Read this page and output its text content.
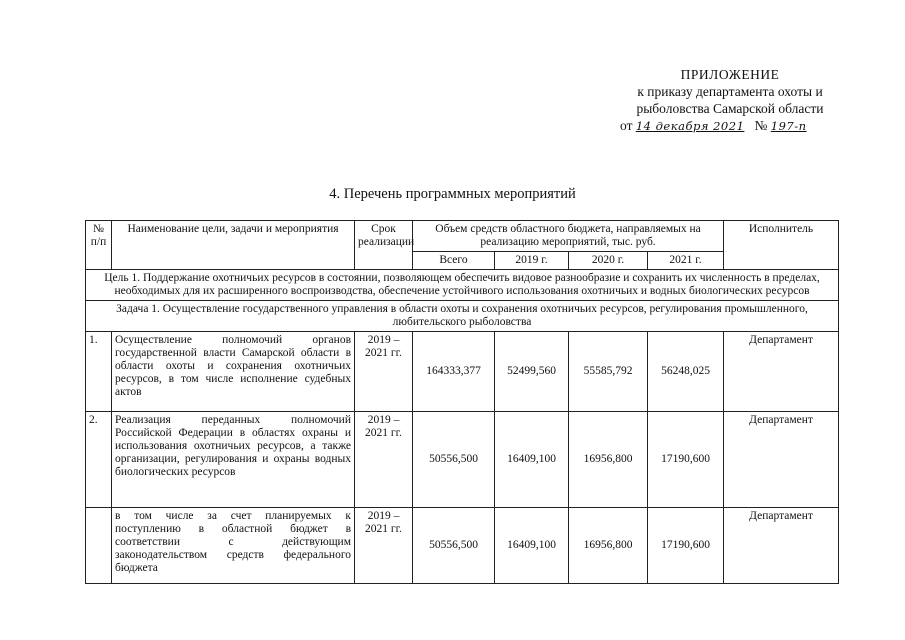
ПРИЛОЖЕНИЕ
к приказу департамента охоты и
рыболовства Самарской области
от 14 декабря 2021 № 197-п
4. Перечень программных мероприятий
№ п/п	Наименование цели, задачи и мероприятия	Срок реализации	Объем средств областного бюджета, направляемых на реализацию мероприятий, тыс. руб.				Исполнитель
			Всего	2019 г.	2020 г.	2021 г.	
Цель 1. Поддержание охотничьих ресурсов в состоянии, позволяющем обеспечить видовое разнообразие и сохранить их численность в пределах, необходимых для их расширенного воспроизводства, обеспечение устойчивого использования охотничьих и водных биологических ресурсов							
Задача 1. Осуществление государственного управления в области охоты и сохранения охотничьих ресурсов, регулирования промышленного, любительского рыболовства							
1.	Осуществление полномочий органов государственной власти Самарской области в области охоты и сохранения охотничьих ресурсов, в том числе исполнение судебных актов	2019 – 2021 гг.	164333,377	52499,560	55585,792	56248,025	Департамент
2.	Реализация переданных полномочий Российской Федерации в областях охраны и использования охотничьих ресурсов, а также организации, регулирования и охраны водных биологических ресурсов	2019 – 2021 гг.	50556,500	16409,100	16956,800	17190,600	Департамент
	в том числе за счет планируемых к поступлению в областной бюджет в соответствии с действующим законодательством средств федерального бюджета	2019 – 2021 гг.	50556,500	16409,100	16956,800	17190,600	Департамент
